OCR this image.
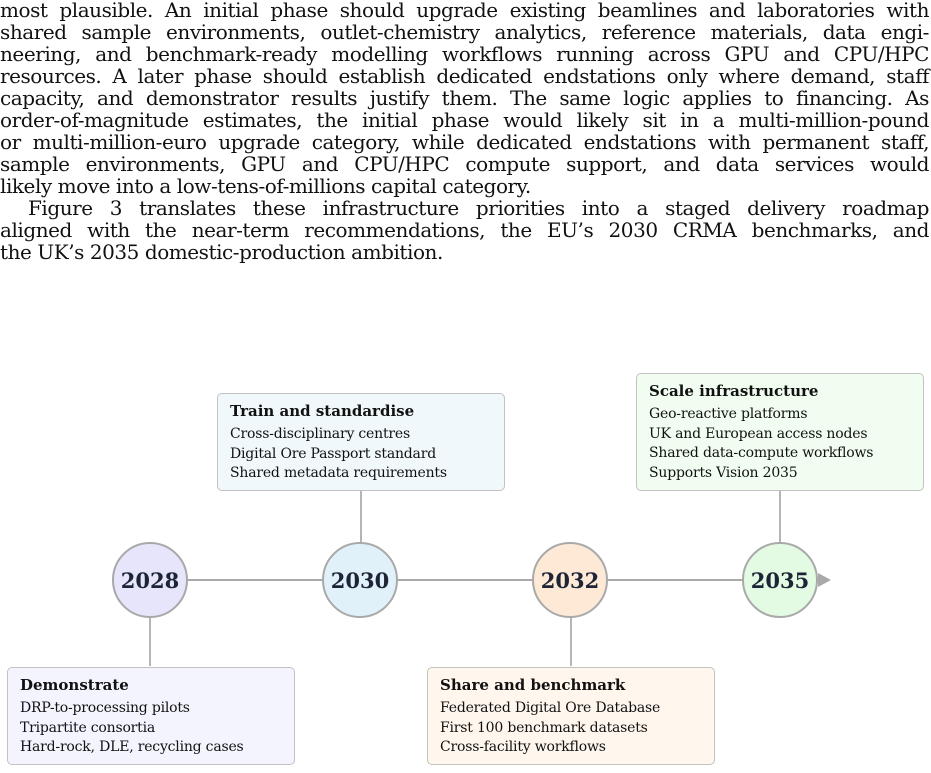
most plausible. An initial phase should upgrade existing beamlines and laboratories with
shared sample environments, outlet-chemistry analytics, reference materials, data engi-
neering, and benchmark-ready modelling workflows running across GPU and CPU/HPC
resources. A later phase should establish dedicated endstations only where demand, staff
capacity, and demonstrator results justify them. The same logic applies to financing. As
order-of-magnitude estimates, the initial phase would likely sit in a multi-million-pound
or multi-million-euro upgrade category, while dedicated endstations with permanent staff,
sample environments, GPU and CPU/HPC compute support, and data services would
likely move into a low-tens-of-millions capital category.
Figure 3 translates these infrastructure priorities into a staged delivery roadmap
aligned with the near-term recommendations, the EU’s 2030 CRMA benchmarks, and
the UK’s 2035 domestic-production ambition.
2028	2030	2032	2035
Demonstrate
DRP-to-processing pilots
Tripartite consortia
Hard-rock, DLE, recycling cases
Train and standardise
Cross-disciplinary centres
Digital Ore Passport standard
Shared metadata requirements
Share and benchmark
Federated Digital Ore Database
First 100 benchmark datasets
Cross-facility workflows
Scale infrastructure
Geo-reactive platforms
UK and European access nodes
Shared data-compute workflows
Supports Vision 2035
